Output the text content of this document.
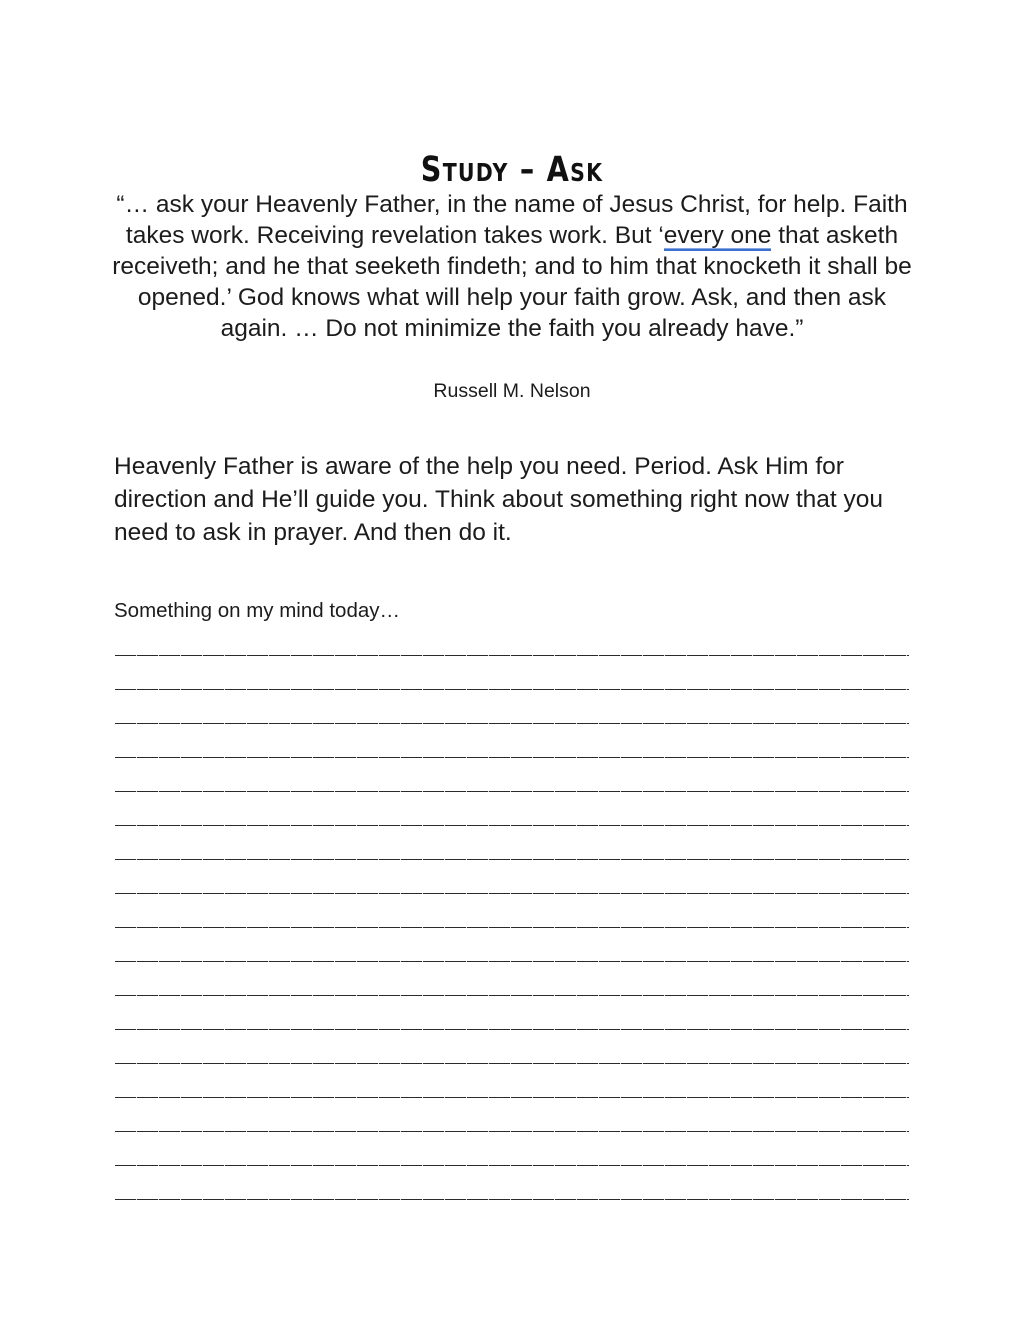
Study – Ask
“… ask your Heavenly Father, in the name of Jesus Christ, for help. Faith takes work. Receiving revelation takes work. But ‘every one that asketh receiveth; and he that seeketh findeth; and to him that knocketh it shall be opened.’ God knows what will help your faith grow. Ask, and then ask again. … Do not minimize the faith you already have.”
Russell M. Nelson
Heavenly Father is aware of the help you need. Period. Ask Him for direction and He’ll guide you. Think about something right now that you need to ask in prayer. And then do it.
Something on my mind today…
